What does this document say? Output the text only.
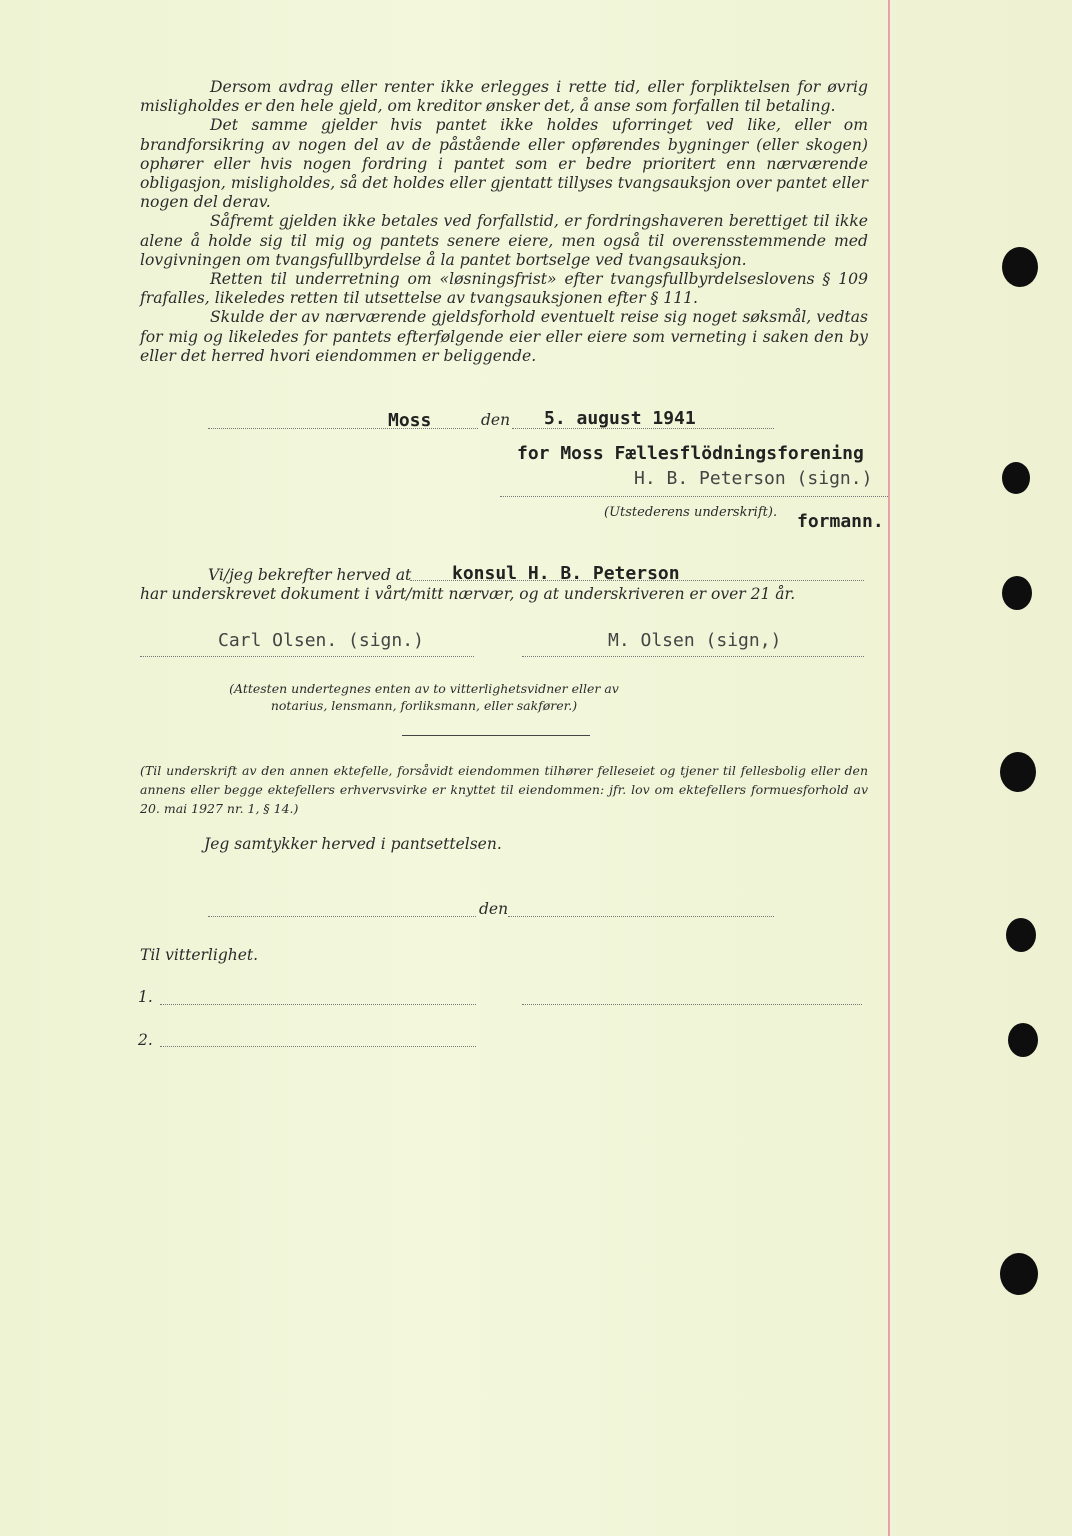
Dersom avdrag eller renter ikke erlegges i rette tid, eller forpliktelsen for øvrig misligholdes er den hele gjeld, om kreditor ønsker det, å anse som forfallen til betaling.

Det samme gjelder hvis pantet ikke holdes uforringet ved like, eller om brandforsikring av nogen del av de påstående eller opførendes bygninger (eller skogen) ophører eller hvis nogen fordring i pantet som er bedre prioritert enn nærværende obligasjon, misligholdes, så det holdes eller gjentatt tillyses tvangsauksjon over pantet eller nogen del derav.

Såfremt gjelden ikke betales ved forfallstid, er fordringshaveren berettiget til ikke alene å holde sig til mig og pantets senere eiere, men også til overensstemmende med lovgivningen om tvangsfullbyrdelse å la pantet bortselge ved tvangsauksjon.

Retten til underretning om «løsningsfrist» efter tvangsfullbyrdelseslovens § 109 frafalles, likeledes retten til utsettelse av tvangsauksjonen efter § 111.

Skulde der av nærværende gjeldsforhold eventuelt reise sig noget søksmål, vedtas for mig og likeledes for pantets efterfølgende eier eller eiere som verneting i saken den by eller det herred hvori eiendommen er beliggende.

Moss	den 5. august 1941
for Moss Fællesflödningsforening
H. B. Peterson (sign.)
(Utstederens underskrift). formann.
Vi/jeg bekrefter herved at konsul H. B. Peterson
har underskrevet dokument i vårt/mitt nærvær, og at underskriveren er over 21 år.
Carl Olsen. (sign.)	M. Olsen (sign,)
(Attesten undertegnes enten av to vitterlighetsvidner eller av notarius, lensmann, forliksmann, eller sakfører.)
(Til underskrift av den annen ektefelle, forsåvidt eiendommen tilhører felleseiet og tjener til fellesbolig eller den annens eller begge ektefellers erhvervsvirke er knyttet til eiendommen: jfr. lov om ektefellers formuesforhold av 20. mai 1927 nr. 1, § 14.)
Jeg samtykker herved i pantsettelsen.
den
Til vitterlighet.
1.
2.
